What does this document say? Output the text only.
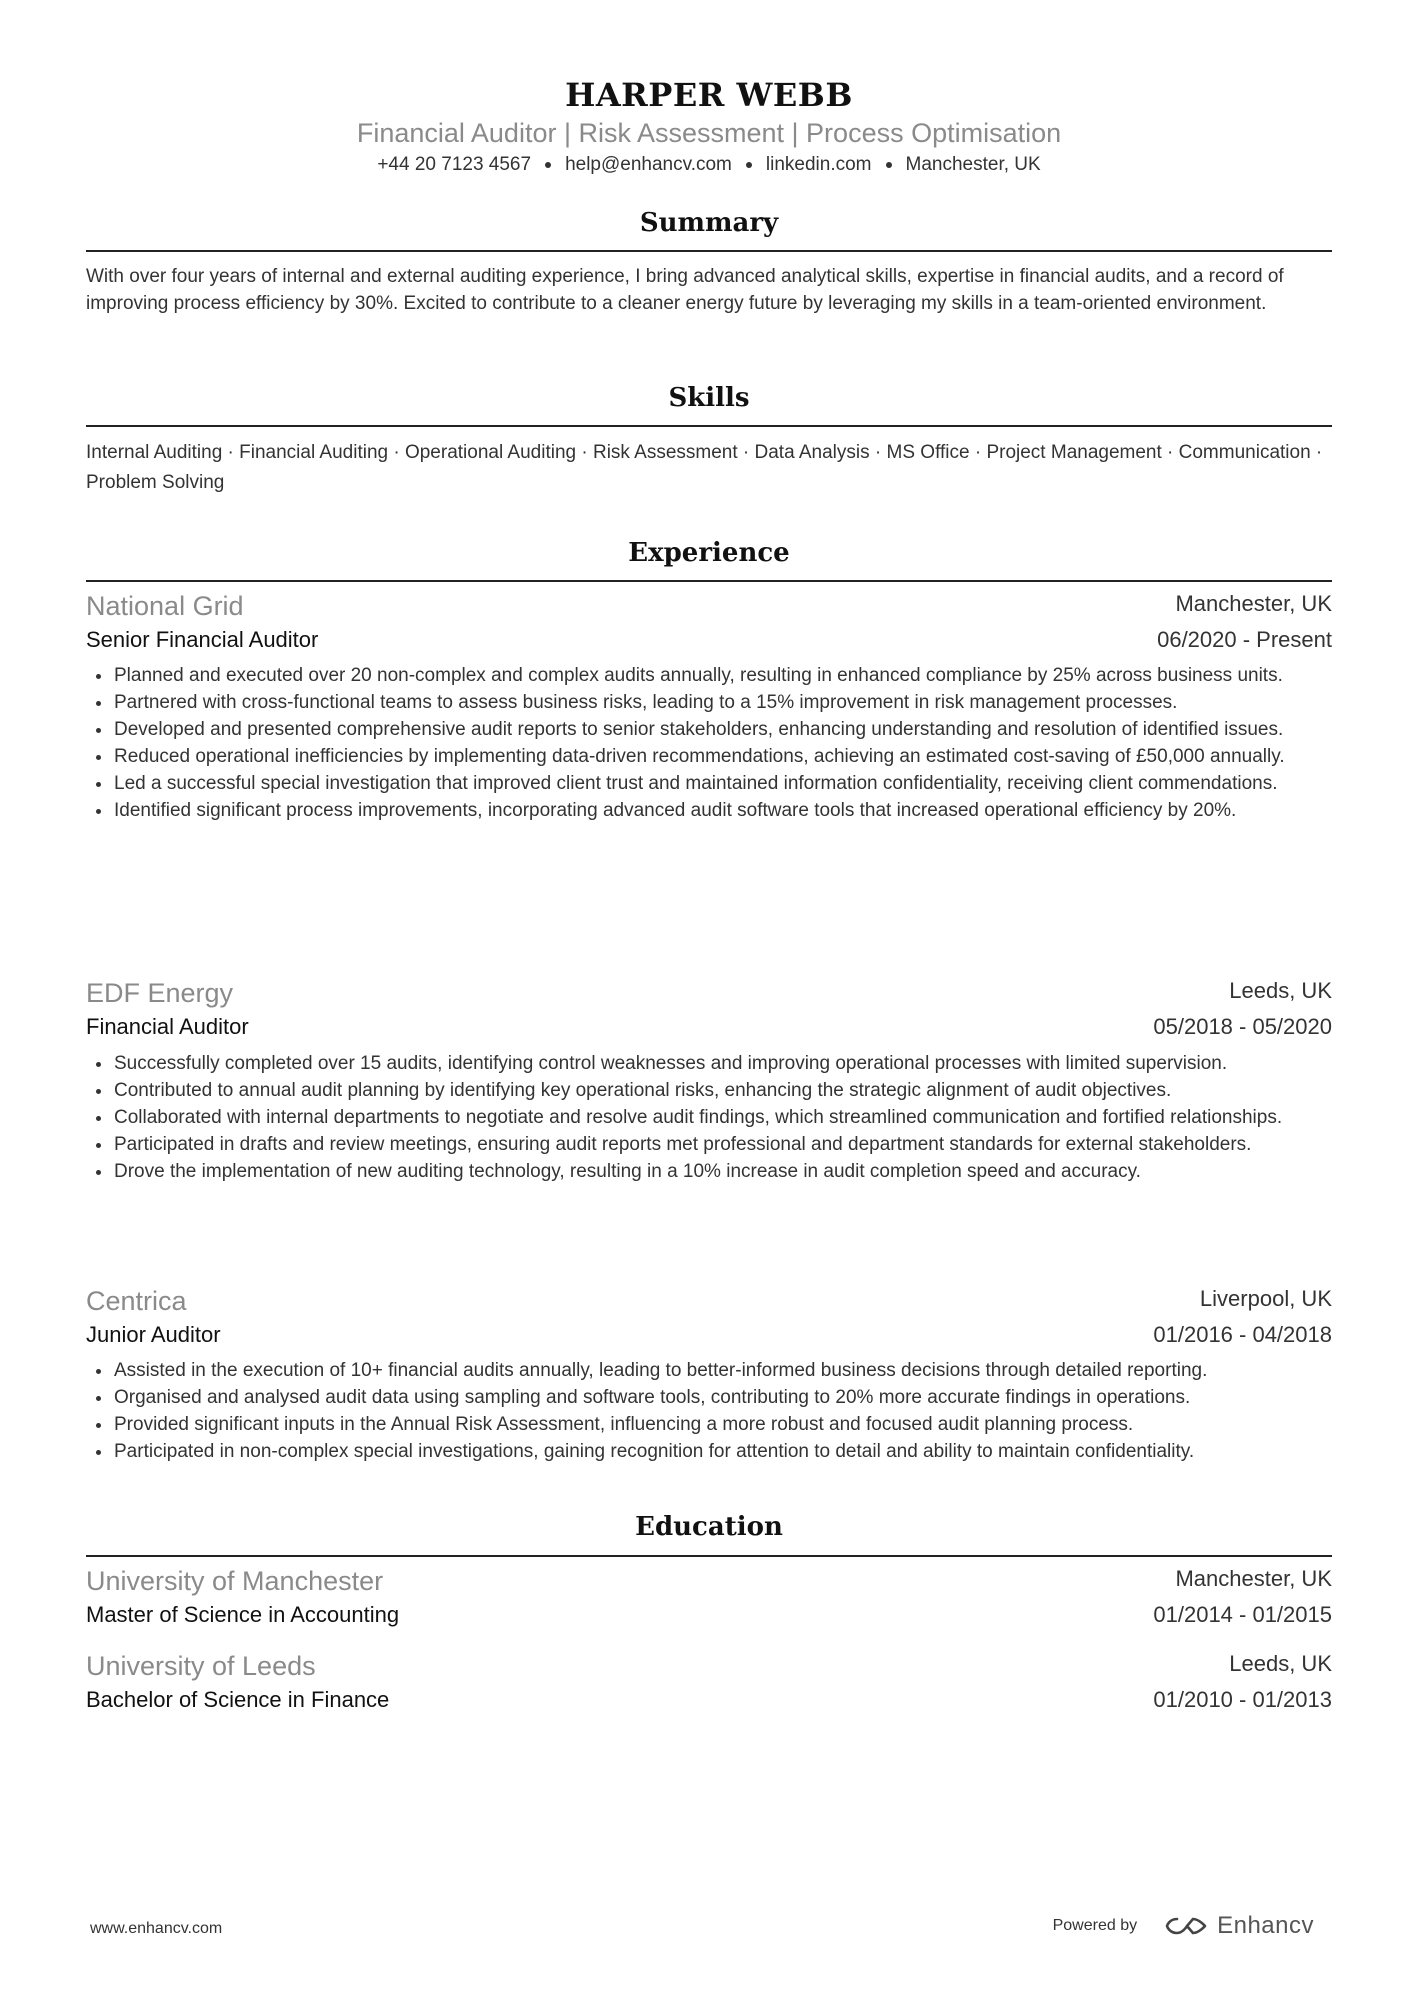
HARPER WEBB
Financial Auditor | Risk Assessment | Process Optimisation
+44 20 7123 4567 help@enhancv.com linkedin.com Manchester, UK
Summary
With over four years of internal and external auditing experience, I bring advanced analytical skills, expertise in financial audits, and a record of improving process efficiency by 30%. Excited to contribute to a cleaner energy future by leveraging my skills in a team-oriented environment.
Skills
Internal Auditing · Financial Auditing · Operational Auditing · Risk Assessment · Data Analysis · MS Office · Project Management · Communication · Problem Solving
Experience
National Grid	Manchester, UK
Senior Financial Auditor	06/2020 - Present
Planned and executed over 20 non-complex and complex audits annually, resulting in enhanced compliance by 25% across business units.
Partnered with cross-functional teams to assess business risks, leading to a 15% improvement in risk management processes.
Developed and presented comprehensive audit reports to senior stakeholders, enhancing understanding and resolution of identified issues.
Reduced operational inefficiencies by implementing data-driven recommendations, achieving an estimated cost-saving of £50,000 annually.
Led a successful special investigation that improved client trust and maintained information confidentiality, receiving client commendations.
Identified significant process improvements, incorporating advanced audit software tools that increased operational efficiency by 20%.
EDF Energy	Leeds, UK
Financial Auditor	05/2018 - 05/2020
Successfully completed over 15 audits, identifying control weaknesses and improving operational processes with limited supervision.
Contributed to annual audit planning by identifying key operational risks, enhancing the strategic alignment of audit objectives.
Collaborated with internal departments to negotiate and resolve audit findings, which streamlined communication and fortified relationships.
Participated in drafts and review meetings, ensuring audit reports met professional and department standards for external stakeholders.
Drove the implementation of new auditing technology, resulting in a 10% increase in audit completion speed and accuracy.
Centrica	Liverpool, UK
Junior Auditor	01/2016 - 04/2018
Assisted in the execution of 10+ financial audits annually, leading to better-informed business decisions through detailed reporting.
Organised and analysed audit data using sampling and software tools, contributing to 20% more accurate findings in operations.
Provided significant inputs in the Annual Risk Assessment, influencing a more robust and focused audit planning process.
Participated in non-complex special investigations, gaining recognition for attention to detail and ability to maintain confidentiality.
Education
University of Manchester	Manchester, UK
Master of Science in Accounting	01/2014 - 01/2015
University of Leeds	Leeds, UK
Bachelor of Science in Finance	01/2010 - 01/2013
www.enhancv.com	Powered by	Enhancv
